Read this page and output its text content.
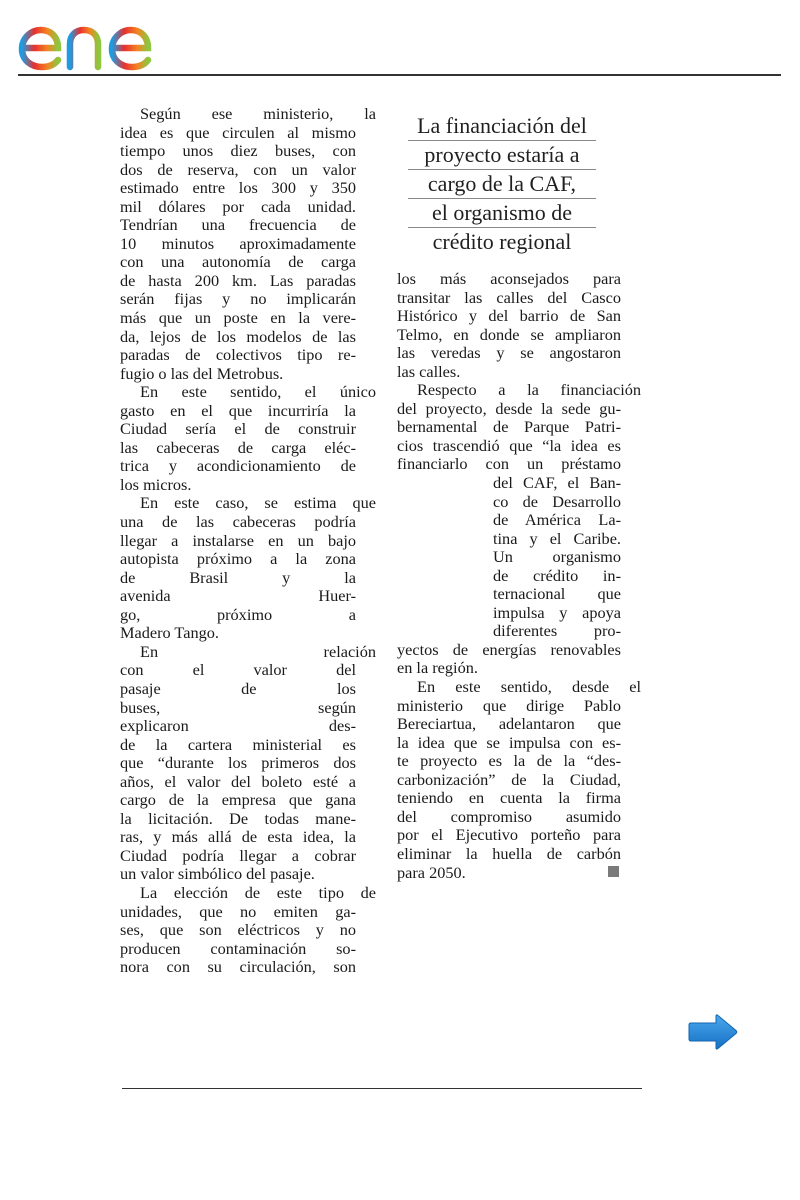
La financiación del
proyecto estaría a
cargo de la CAF,
el organismo de
crédito regional
Según ese ministerio, la
idea es que circulen al mismo
tiempo unos diez buses, con
dos de reserva, con un valor
estimado entre los 300 y 350
mil dólares por cada unidad.
Tendrían una frecuencia de
10 minutos aproximadamente
con una autonomía de carga
de hasta 200 km. Las paradas
serán fijas y no implicarán
más que un poste en la vere-
da, lejos de los modelos de las
paradas de colectivos tipo re-
fugio o las del Metrobus.
En este sentido, el único
gasto en el que incurriría la
Ciudad sería el de construir
las cabeceras de carga eléc-
trica y acondicionamiento de
los micros.
En este caso, se estima que
una de las cabeceras podría
llegar a instalarse en un bajo
autopista próximo a la zona
de Brasil y la
avenida Huer-
go, próximo a
Madero Tango.
En relación
con el valor del
pasaje de los
buses, según
explicaron des-
de la cartera ministerial es
que “durante los primeros dos
años, el valor del boleto esté a
cargo de la empresa que gana
la licitación. De todas mane-
ras, y más allá de esta idea, la
Ciudad podría llegar a cobrar
un valor simbólico del pasaje.
La elección de este tipo de
unidades, que no emiten ga-
ses, que son eléctricos y no
producen contaminación so-
nora con su circulación, son
los más aconsejados para
transitar las calles del Casco
Histórico y del barrio de San
Telmo, en donde se ampliaron
las veredas y se angostaron
las calles.
Respecto a la financiación
del proyecto, desde la sede gu-
bernamental de Parque Patri-
cios trascendió que “la idea es
financiarlo con un préstamo
del CAF, el Ban-
co de Desarrollo
de América La-
tina y el Caribe.
Un organismo
de crédito in-
ternacional que
impulsa y apoya
diferentes pro-
yectos de energías renovables
en la región.
En este sentido, desde el
ministerio que dirige Pablo
Bereciartua, adelantaron que
la idea que se impulsa con es-
te proyecto es la de la “des-
carbonización” de la Ciudad,
teniendo en cuenta la firma
del compromiso asumido
por el Ejecutivo porteño para
eliminar la huella de carbón
para 2050.
